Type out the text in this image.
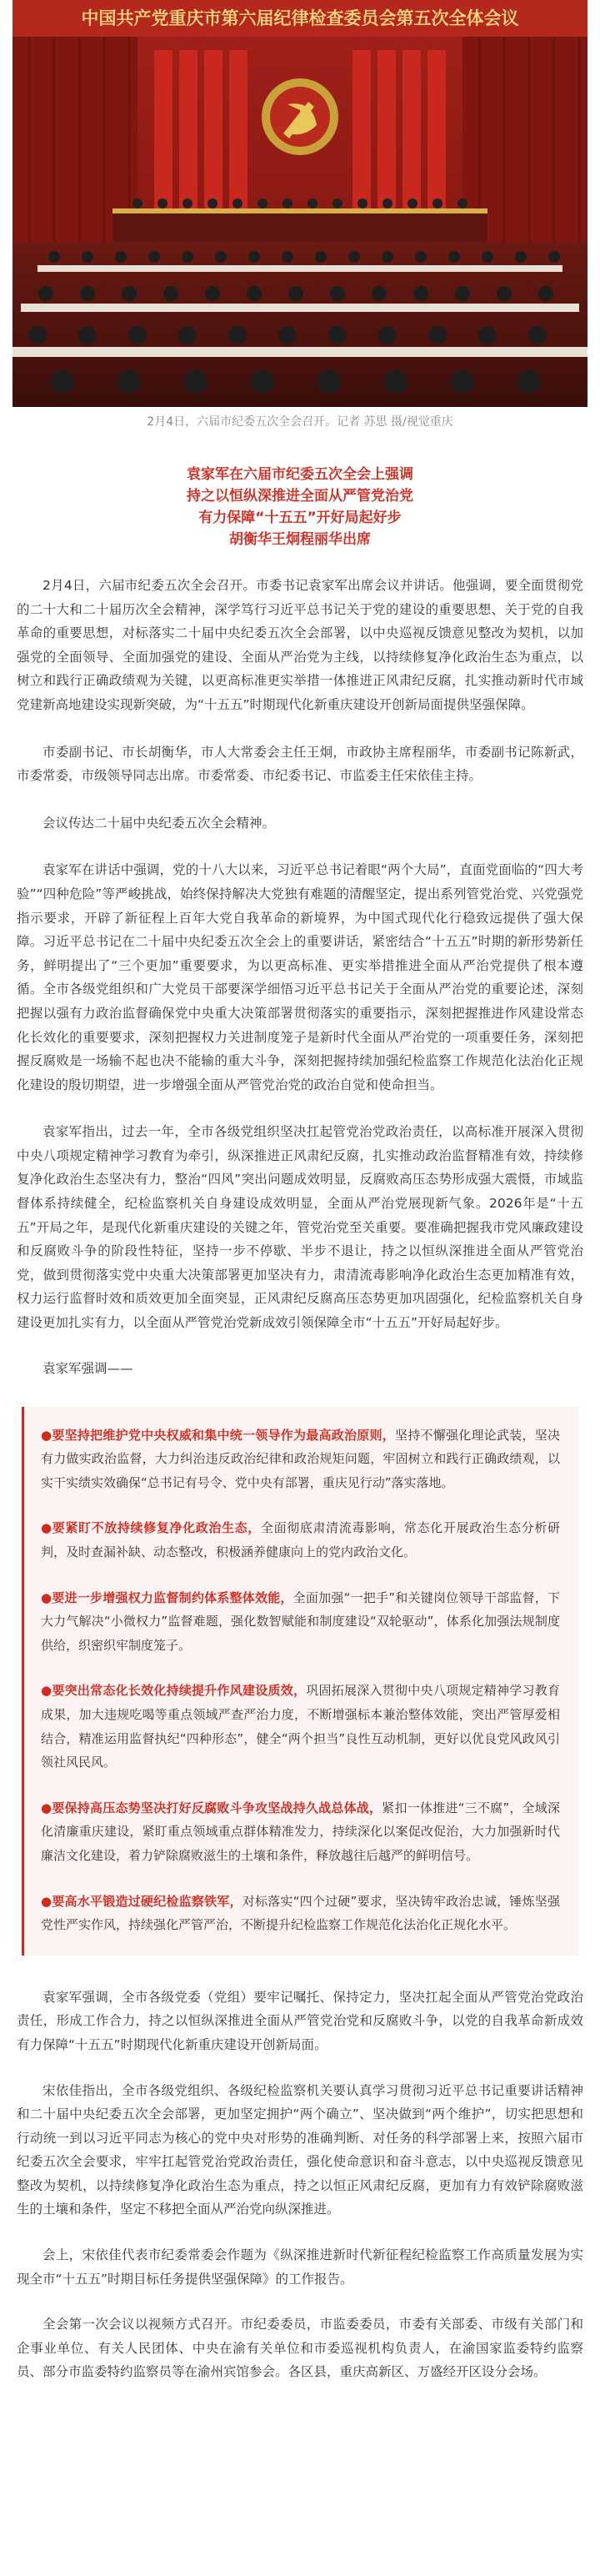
中国共产党重庆市第六届纪律检查委员会第五次全体会议
2月4日，六届市纪委五次全会召开。记者 苏思 摄/视觉重庆
袁家军在六届市纪委五次全会上强调
持之以恒纵深推进全面从严管党治党
有力保障“十五五”开好局起好步
胡衡华王炯程丽华出席

2月4日，六届市纪委五次全会召开。市委书记袁家军出席会议并讲话。他强调，要全面贯彻党的二十大和二十届历次全会精神，深学笃行习近平总书记关于党的建设的重要思想、关于党的自我革命的重要思想，对标落实二十届中央纪委五次全会部署，以中央巡视反馈意见整改为契机，以加强党的全面领导、全面加强党的建设、全面从严治党为主线，以持续修复净化政治生态为重点，以树立和践行正确政绩观为关键，以更高标准更实举措一体推进正风肃纪反腐，扎实推动新时代市域党建新高地建设实现新突破，为“十五五”时期现代化新重庆建设开创新局面提供坚强保障。

市委副书记、市长胡衡华，市人大常委会主任王炯，市政协主席程丽华，市委副书记陈新武，市委常委，市级领导同志出席。市委常委、市纪委书记、市监委主任宋依佳主持。

会议传达二十届中央纪委五次全会精神。

袁家军在讲话中强调，党的十八大以来，习近平总书记着眼“两个大局”，直面党面临的“四大考验”“四种危险”等严峻挑战，始终保持解决大党独有难题的清醒坚定，提出系列管党治党、兴党强党指示要求，开辟了新征程上百年大党自我革命的新境界，为中国式现代化行稳致远提供了强大保障。习近平总书记在二十届中央纪委五次全会上的重要讲话，紧密结合“十五五”时期的新形势新任务，鲜明提出了“三个更加”重要要求，为以更高标准、更实举措推进全面从严治党提供了根本遵循。全市各级党组织和广大党员干部要深学细悟习近平总书记关于全面从严治党的重要论述，深刻把握以强有力政治监督确保党中央重大决策部署贯彻落实的重要指示，深刻把握推进作风建设常态化长效化的重要要求，深刻把握权力关进制度笼子是新时代全面从严治党的一项重要任务，深刻把握反腐败是一场输不起也决不能输的重大斗争，深刻把握持续加强纪检监察工作规范化法治化正规化建设的殷切期望，进一步增强全面从严管党治党的政治自觉和使命担当。

袁家军指出，过去一年，全市各级党组织坚决扛起管党治党政治责任，以高标准开展深入贯彻中央八项规定精神学习教育为牵引，纵深推进正风肃纪反腐，扎实推动政治监督精准有效，持续修复净化政治生态坚决有力，整治“四风”突出问题成效明显，反腐败高压态势形成强大震慑，市域监督体系持续健全，纪检监察机关自身建设成效明显，全面从严治党展现新气象。2026年是“十五五”开局之年，是现代化新重庆建设的关键之年，管党治党至关重要。要准确把握我市党风廉政建设和反腐败斗争的阶段性特征，坚持一步不停歇、半步不退让，持之以恒纵深推进全面从严管党治党，做到贯彻落实党中央重大决策部署更加坚决有力，肃清流毒影响净化政治生态更加精准有效，权力运行监督时效和质效更加全面突显，正风肃纪反腐高压态势更加巩固强化，纪检监察机关自身建设更加扎实有力，以全面从严管党治党新成效引领保障全市“十五五”开好局起好步。

袁家军强调——
●要坚持把维护党中央权威和集中统一领导作为最高政治原则，坚持不懈强化理论武装，坚决有力做实政治监督，大力纠治违反政治纪律和政治规矩问题，牢固树立和践行正确政绩观，以实干实绩实效确保“总书记有号令、党中央有部署，重庆见行动”落实落地。
●要紧盯不放持续修复净化政治生态，全面彻底肃清流毒影响，常态化开展政治生态分析研判，及时查漏补缺、动态整改，积极涵养健康向上的党内政治文化。
●要进一步增强权力监督制约体系整体效能，全面加强“一把手”和关键岗位领导干部监督，下大力气解决“小微权力”监督难题，强化数智赋能和制度建设“双轮驱动”，体系化加强法规制度供给，织密织牢制度笼子。
●要突出常态化长效化持续提升作风建设质效，巩固拓展深入贯彻中央八项规定精神学习教育成果，加大违规吃喝等重点领域严查严治力度，不断增强标本兼治整体效能，突出严管厚爱相结合，精准运用监督执纪“四种形态”，健全“两个担当”良性互动机制，更好以优良党风政风引领社风民风。
●要保持高压态势坚决打好反腐败斗争攻坚战持久战总体战，紧扣一体推进“三不腐”，全域深化清廉重庆建设，紧盯重点领域重点群体精准发力，持续深化以案促改促治，大力加强新时代廉洁文化建设，着力铲除腐败滋生的土壤和条件，释放越往后越严的鲜明信号。
●要高水平锻造过硬纪检监察铁军，对标落实“四个过硬”要求，坚决铸牢政治忠诚，锤炼坚强党性严实作风，持续强化严管严治，不断提升纪检监察工作规范化法治化正规化水平。

袁家军强调，全市各级党委（党组）要牢记嘱托、保持定力，坚决扛起全面从严管党治党政治责任，形成工作合力，持之以恒纵深推进全面从严管党治党和反腐败斗争，以党的自我革命新成效有力保障“十五五”时期现代化新重庆建设开创新局面。

宋依佳指出，全市各级党组织、各级纪检监察机关要认真学习贯彻习近平总书记重要讲话精神和二十届中央纪委五次全会部署，更加坚定拥护“两个确立”、坚决做到“两个维护”，切实把思想和行动统一到以习近平同志为核心的党中央对形势的准确判断、对任务的科学部署上来，按照六届市纪委五次全会要求，牢牢扛起管党治党政治责任，强化使命意识和奋斗意志，以中央巡视反馈意见整改为契机，以持续修复净化政治生态为重点，持之以恒正风肃纪反腐，更加有力有效铲除腐败滋生的土壤和条件，坚定不移把全面从严治党向纵深推进。

会上，宋依佳代表市纪委常委会作题为《纵深推进新时代新征程纪检监察工作高质量发展为实现全市“十五五”时期目标任务提供坚强保障》的工作报告。

全会第一次会议以视频方式召开。市纪委委员，市监委委员，市委有关部委、市级有关部门和企事业单位、有关人民团体、中央在渝有关单位和市委巡视机构负责人，在渝国家监委特约监察员、部分市监委特约监察员等在渝州宾馆参会。各区县，重庆高新区、万盛经开区设分会场。
